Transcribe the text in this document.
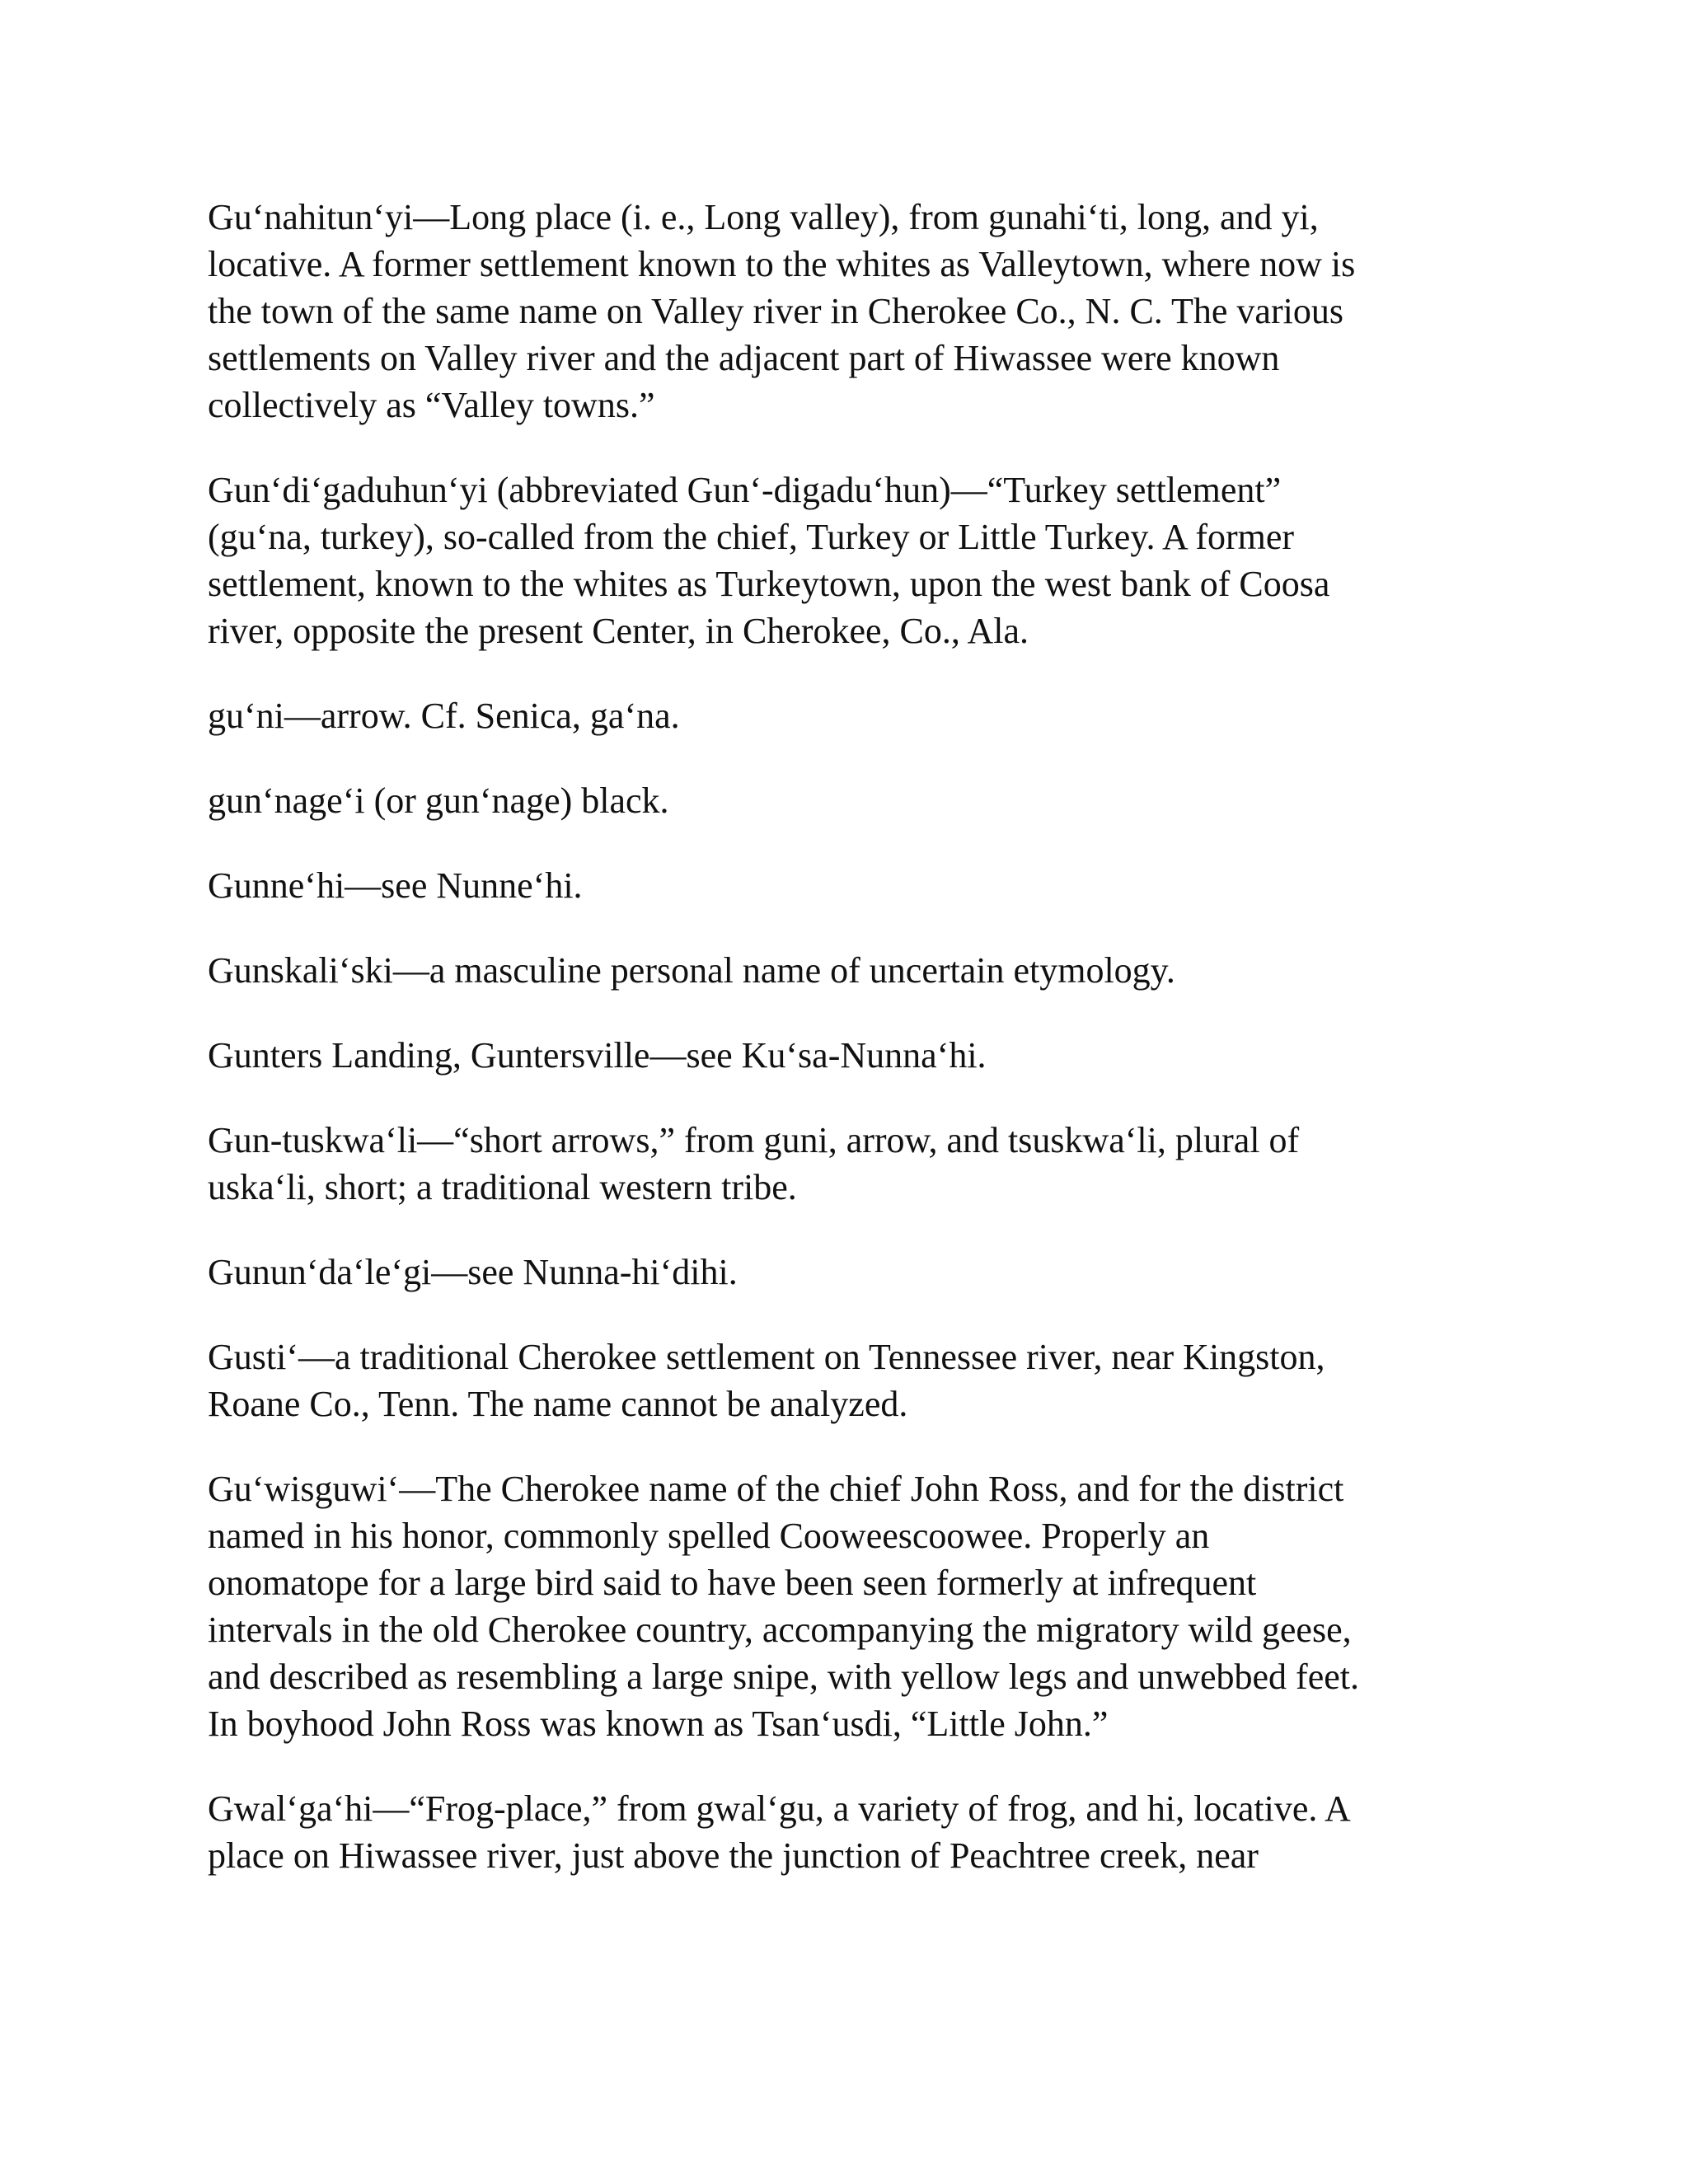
Gu‘nahitun‘yi—Long place (i. e., Long valley), from gunahi‘ti, long, and yi,
locative. A former settlement known to the whites as Valleytown, where now is
the town of the same name on Valley river in Cherokee Co., N. C. The various
settlements on Valley river and the adjacent part of Hiwassee were known
collectively as “Valley towns.”

Gun‘di‘gaduhun‘yi (abbreviated Gun‘-digadu‘hun)—“Turkey settlement”
(gu‘na, turkey), so-called from the chief, Turkey or Little Turkey. A former
settlement, known to the whites as Turkeytown, upon the west bank of Coosa
river, opposite the present Center, in Cherokee, Co., Ala.

gu‘ni—arrow. Cf. Senica, ga‘na.

gun‘nage‘i (or gun‘nage) black.

Gunne‘hi—see Nunne‘hi.

Gunskali‘ski—a masculine personal name of uncertain etymology.

Gunters Landing, Guntersville—see Ku‘sa-Nunna‘hi.

Gun-tuskwa‘li—“short arrows,” from guni, arrow, and tsuskwa‘li, plural of
uska‘li, short; a traditional western tribe.

Gunun‘da‘le‘gi—see Nunna-hi‘dihi.

Gusti‘—a traditional Cherokee settlement on Tennessee river, near Kingston,
Roane Co., Tenn. The name cannot be analyzed.

Gu‘wisguwi‘—The Cherokee name of the chief John Ross, and for the district
named in his honor, commonly spelled Cooweescoowee. Properly an
onomatope for a large bird said to have been seen formerly at infrequent
intervals in the old Cherokee country, accompanying the migratory wild geese,
and described as resembling a large snipe, with yellow legs and unwebbed feet.
In boyhood John Ross was known as Tsan‘usdi, “Little John.”

Gwal‘ga‘hi—“Frog-place,” from gwal‘gu, a variety of frog, and hi, locative. A
place on Hiwassee river, just above the junction of Peachtree creek, near
